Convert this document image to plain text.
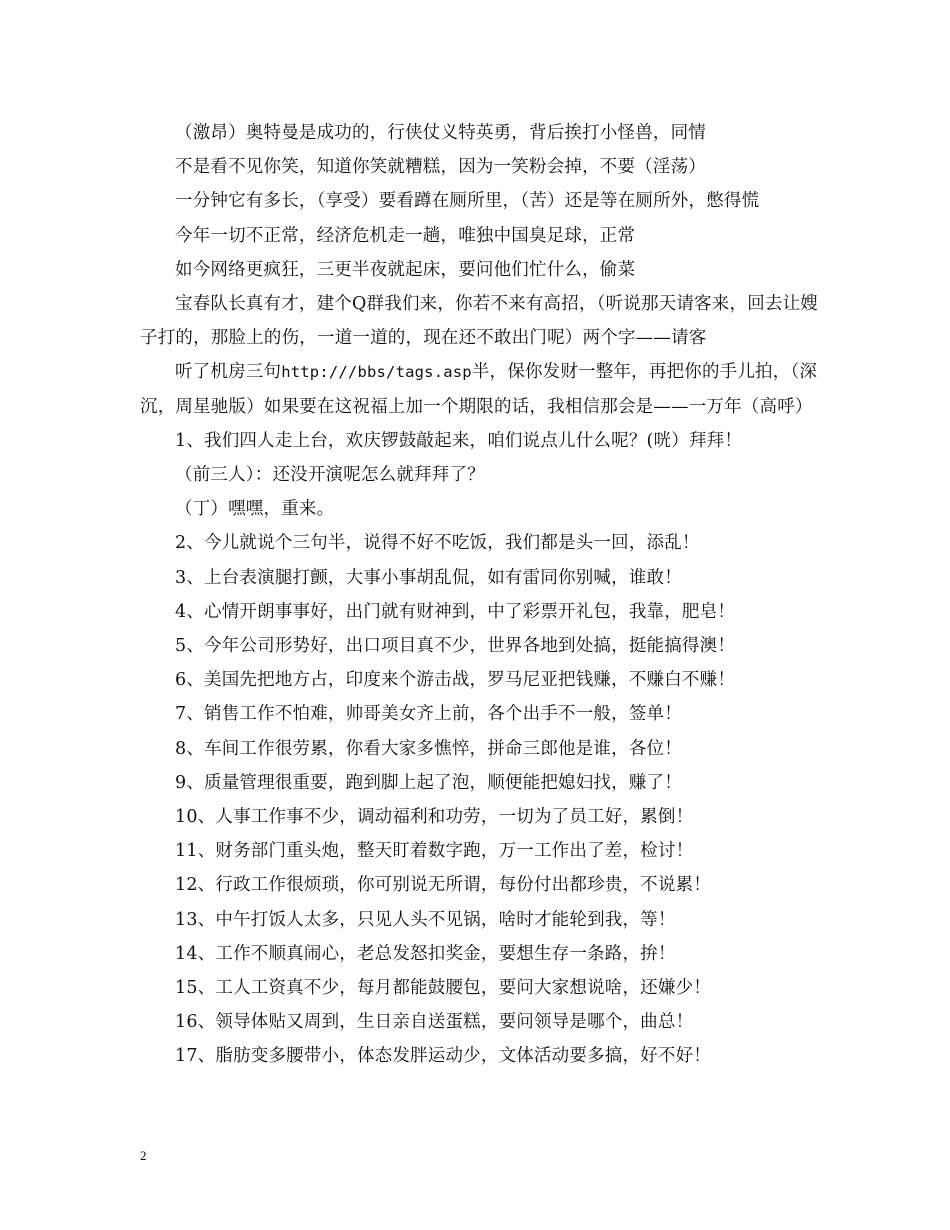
（激昂）奥特曼是成功的，行侠仗义特英勇，背后挨打小怪兽，同情

不是看不见你笑，知道你笑就糟糕，因为一笑粉会掉，不要（淫荡）

一分钟它有多长，（享受）要看蹲在厕所里，（苦）还是等在厕所外，憋得慌

今年一切不正常，经济危机走一趟，唯独中国臭足球，正常

如今网络更疯狂，三更半夜就起床，要问他们忙什么，偷菜

宝春队长真有才，建个Q群我们来，你若不来有高招，（听说那天请客来，回去让嫂子打的，那脸上的伤，一道一道的，现在还不敢出门呢）两个字——请客

听了机房三句http:///bbs/tags.asp半，保你发财一整年，再把你的手儿拍，（深沉，周星驰版）如果要在这祝福上加一个期限的话，我相信那会是——一万年（高呼）

1、我们四人走上台，欢庆锣鼓敲起来，咱们说点儿什么呢？(咣）拜拜！

（前三人）：还没开演呢怎么就拜拜了？

（丁）嘿嘿，重来。

2、今儿就说个三句半，说得不好不吃饭，我们都是头一回，添乱！

3、上台表演腿打颤，大事小事胡乱侃，如有雷同你别喊，谁敢！

4、心情开朗事事好，出门就有财神到，中了彩票开礼包，我靠，肥皂！

5、今年公司形势好，出口项目真不少，世界各地到处搞，挺能搞得澳！

6、美国先把地方占，印度来个游击战，罗马尼亚把钱赚，不赚白不赚！

7、销售工作不怕难，帅哥美女齐上前，各个出手不一般，签单！

8、车间工作很劳累，你看大家多憔悴，拼命三郎他是谁，各位！

9、质量管理很重要，跑到脚上起了泡，顺便能把媳妇找，赚了！

10、人事工作事不少，调动福利和功劳，一切为了员工好，累倒！

11、财务部门重头炮，整天盯着数字跑，万一工作出了差，检讨！

12、行政工作很烦琐，你可别说无所谓，每份付出都珍贵，不说累！

13、中午打饭人太多，只见人头不见锅，啥时才能轮到我，等！

14、工作不顺真闹心，老总发怒扣奖金，要想生存一条路，拚！

15、工人工资真不少，每月都能鼓腰包，要问大家想说啥，还嫌少！

16、领导体贴又周到，生日亲自送蛋糕，要问领导是哪个，曲总！

17、脂肪变多腰带小，体态发胖运动少，文体活动要多搞，好不好！

2
